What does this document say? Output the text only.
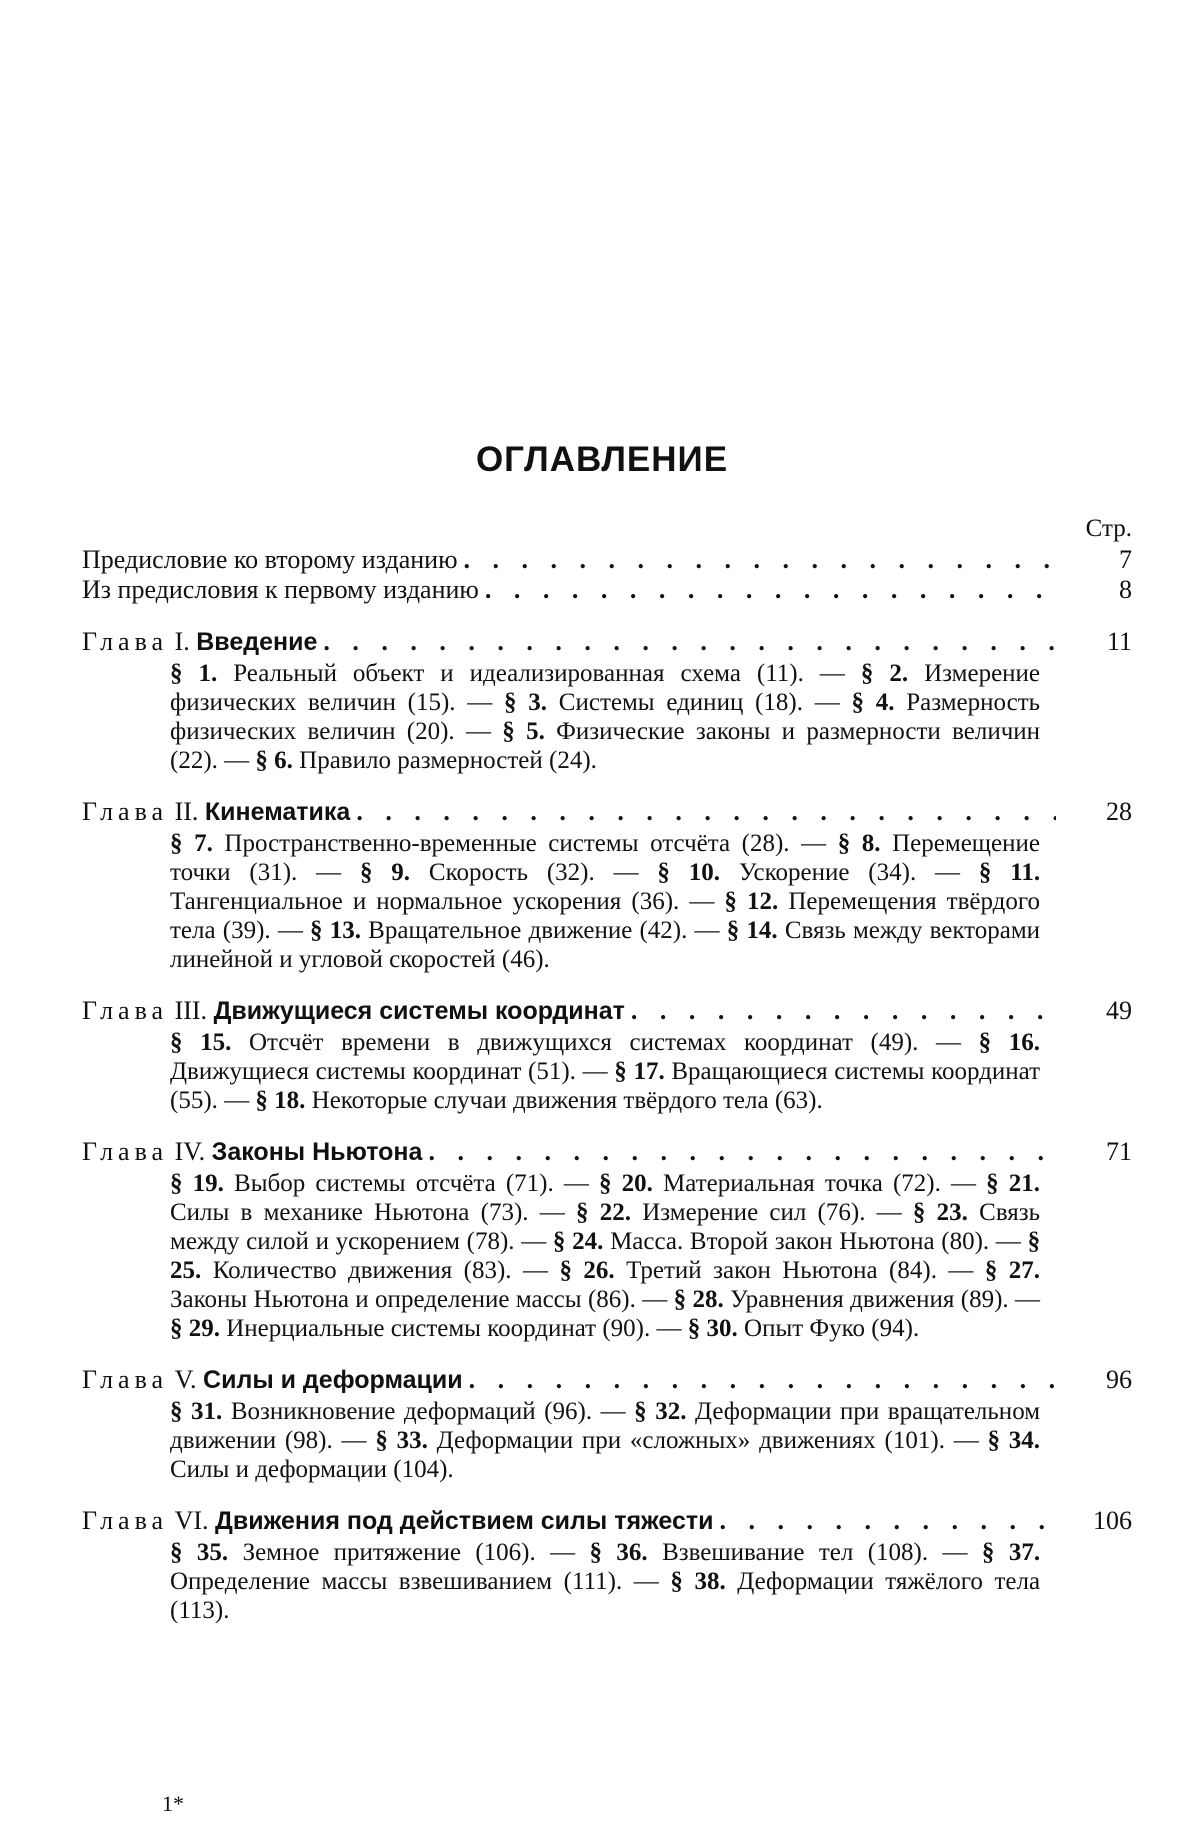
ОГЛАВЛЕНИЕ
Стр.
Предисловие ко второму изданию . . .	7
Из предисловия к первому изданию . . .	8
Глава I. Введение . . .	11
§ 1. Реальный объект и идеализированная схема (11). — § 2. Измерение физических величин (15). — § 3. Системы единиц (18). — § 4. Размерность физических величин (20). — § 5. Физические законы и размерности величин (22). — § 6. Правило размерностей (24).
Глава II. Кинематика . . .	28
§ 7. Пространственно-временные системы отсчёта (28). — § 8. Перемещение точки (31). — § 9. Скорость (32). — § 10. Ускорение (34). — § 11. Тангенциальное и нормальное ускорения (36). — § 12. Перемещения твёрдого тела (39). — § 13. Вращательное движение (42). — § 14. Связь между векторами линейной и угловой скоростей (46).
Глава III. Движущиеся системы координат . . .	49
§ 15. Отсчёт времени в движущихся системах координат (49). — § 16. Движущиеся системы координат (51). — § 17. Вращающиеся системы координат (55). — § 18. Некоторые случаи движения твёрдого тела (63).
Глава IV. Законы Ньютона . . .	71
§ 19. Выбор системы отсчёта (71). — § 20. Материальная точка (72). — § 21. Силы в механике Ньютона (73). — § 22. Измерение сил (76). — § 23. Связь между силой и ускорением (78). — § 24. Масса. Второй закон Ньютона (80). — § 25. Количество движения (83). — § 26. Третий закон Ньютона (84). — § 27. Законы Ньютона и определение массы (86). — § 28. Уравнения движения (89). — § 29. Инерциальные системы координат (90). — § 30. Опыт Фуко (94).
Глава V. Силы и деформации . . .	96
§ 31. Возникновение деформаций (96). — § 32. Деформации при вращательном движении (98). — § 33. Деформации при «сложных» движениях (101). — § 34. Силы и деформации (104).
Глава VI. Движения под действием силы тяжести . . .	106
§ 35. Земное притяжение (106). — § 36. Взвешивание тел (108). — § 37. Определение массы взвешиванием (111). — § 38. Деформации тяжёлого тела (113).
1*
